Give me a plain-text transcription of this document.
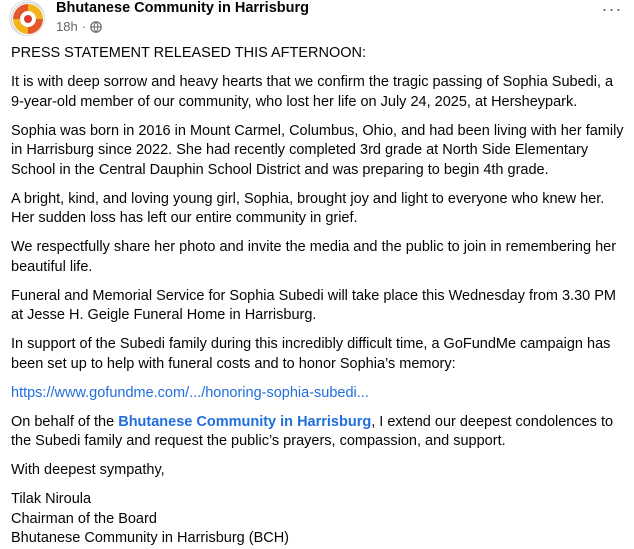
Bhutanese Community in Harrisburg
18h ·
···

PRESS STATEMENT RELEASED THIS AFTERNOON:

It is with deep sorrow and heavy hearts that we confirm the tragic passing of Sophia Subedi, a 9-year-old member of our community, who lost her life on July 24, 2025, at Hersheypark.

Sophia was born in 2016 in Mount Carmel, Columbus, Ohio, and had been living with her family in Harrisburg since 2022. She had recently completed 3rd grade at North Side Elementary School in the Central Dauphin School District and was preparing to begin 4th grade.

A bright, kind, and loving young girl, Sophia, brought joy and light to everyone who knew her. Her sudden loss has left our entire community in grief.

We respectfully share her photo and invite the media and the public to join in remembering her beautiful life.

Funeral and Memorial Service for Sophia Subedi will take place this Wednesday from 3.30 PM at Jesse H. Geigle Funeral Home in Harrisburg.

In support of the Subedi family during this incredibly difficult time, a GoFundMe campaign has been set up to help with funeral costs and to honor Sophia’s memory:

https://www.gofundme.com/.../honoring-sophia-subedi...

On behalf of the Bhutanese Community in Harrisburg, I extend our deepest condolences to the Subedi family and request the public’s prayers, compassion, and support.

With deepest sympathy,

Tilak Niroula

Chairman of the Board

Bhutanese Community in Harrisburg (BCH)
